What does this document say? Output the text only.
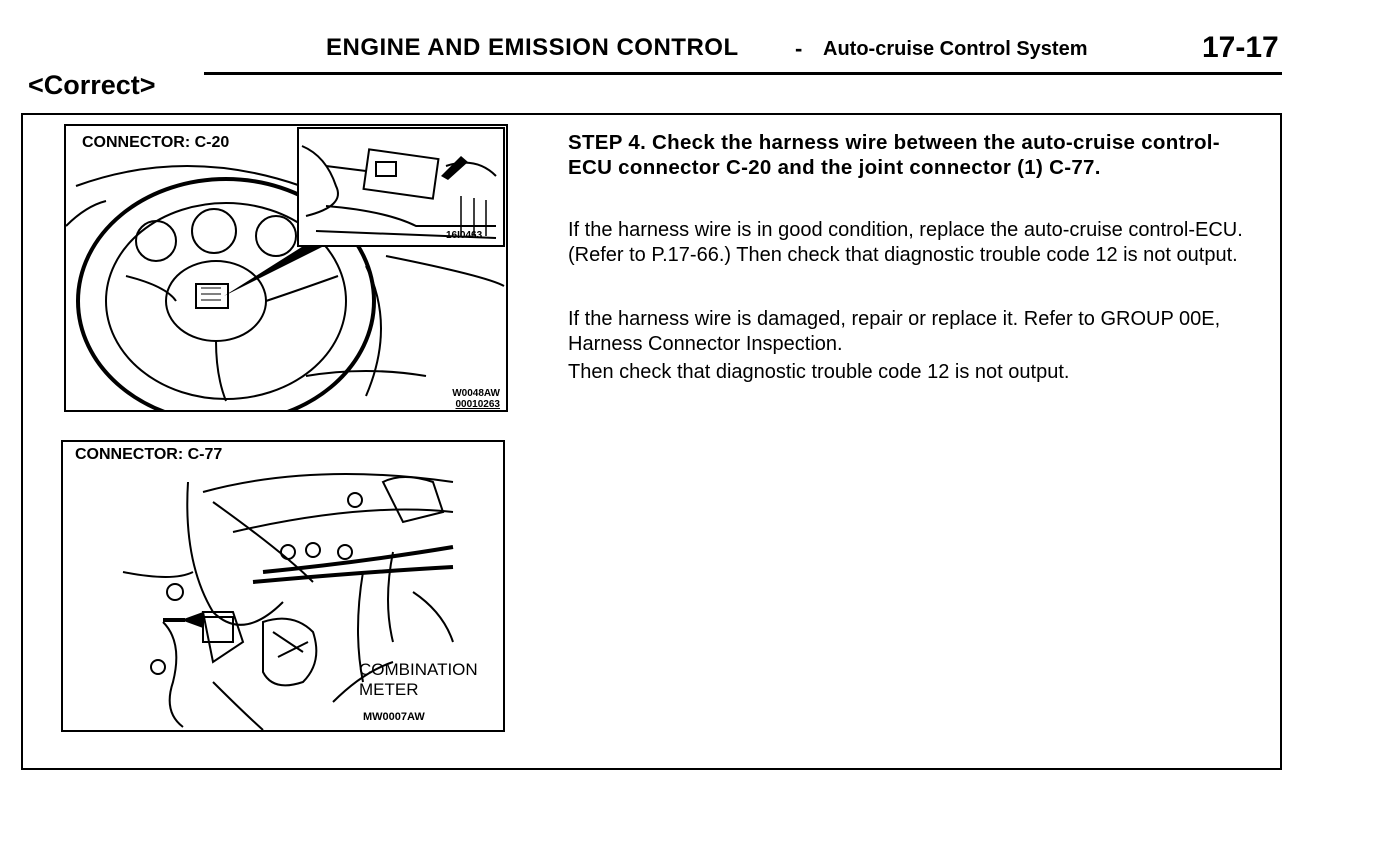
ENGINE AND EMISSION CONTROL	- Auto-cruise Control System	17-17
<Correct>
CONNECTOR: C-20
16I0463
W0048AW
00010263
CONNECTOR: C-77
COMBINATION
METER
MW0007AW
STEP 4. Check the harness wire between the auto-cruise control-ECU connector C-20 and the joint connector (1) C-77.
If the harness wire is in good condition, replace the auto-cruise control-ECU. (Refer to P.17-66.) Then check that diagnostic trouble code 12 is not output.
If the harness wire is damaged, repair or replace it. Refer to GROUP 00E, Harness Connector Inspection.
Then check that diagnostic trouble code 12 is not output.
